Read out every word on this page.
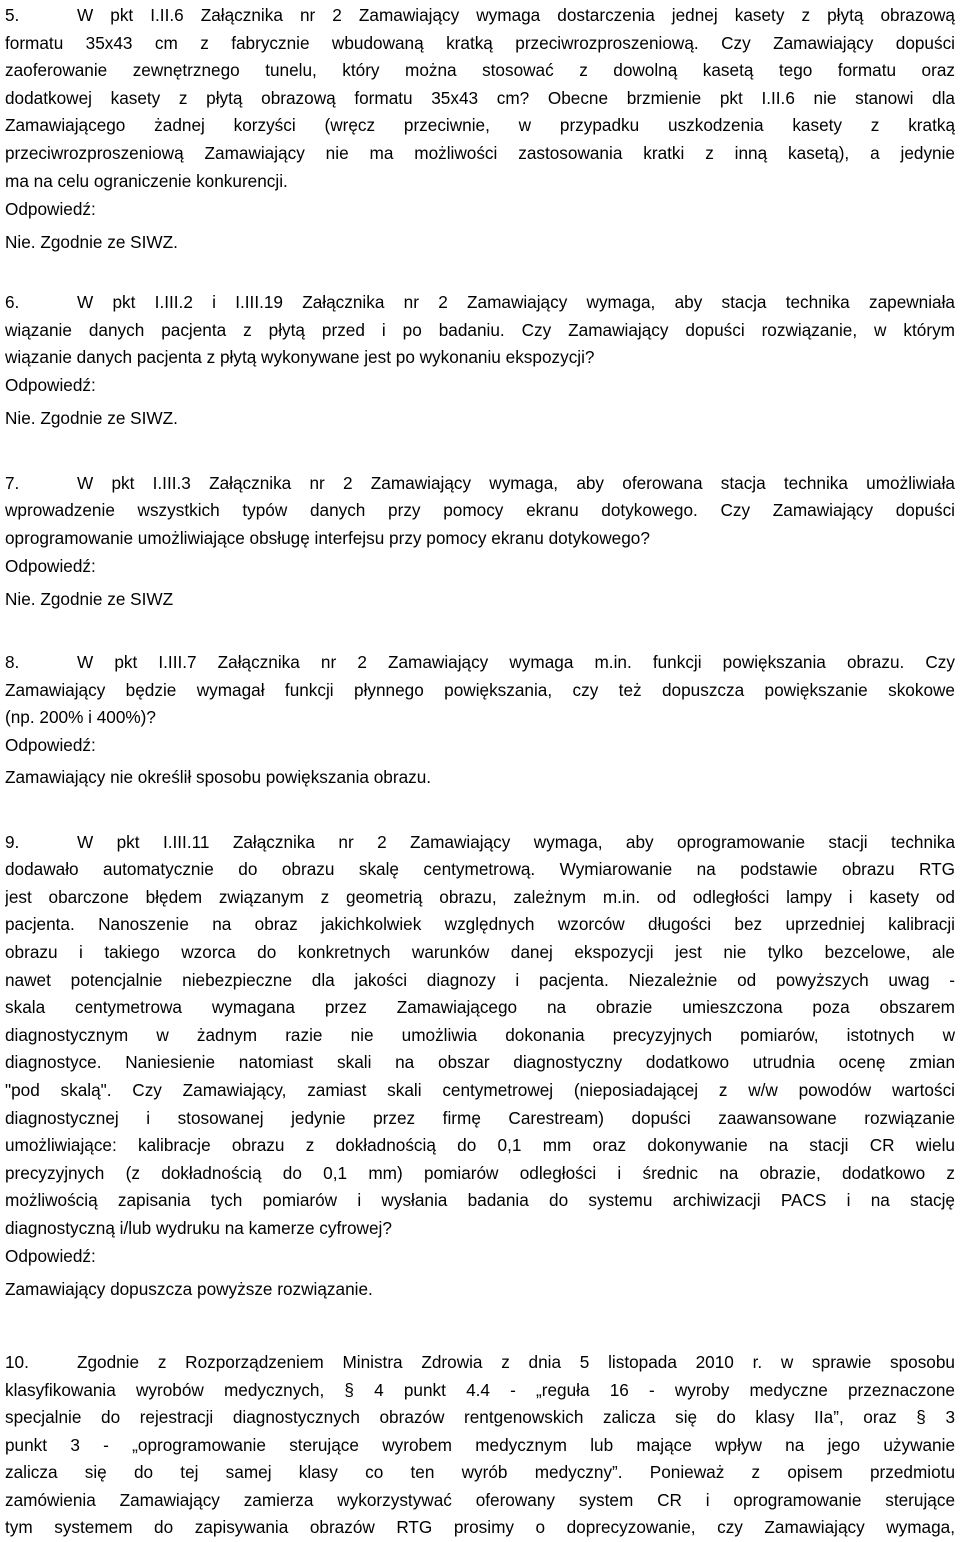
5.	W pkt I.II.6 Załącznika nr 2 Zamawiający wymaga dostarczenia jednej kasety z płytą obrazową
formatu 35x43 cm z fabrycznie wbudowaną kratką przeciwrozproszeniową. Czy Zamawiający dopuści
zaoferowanie zewnętrznego tunelu, który można stosować z dowolną kasetą tego formatu oraz
dodatkowej kasety z płytą obrazową formatu 35x43 cm? Obecne brzmienie pkt I.II.6 nie stanowi dla
Zamawiającego żadnej korzyści (wręcz przeciwnie, w przypadku uszkodzenia kasety z kratką
przeciwrozproszeniową Zamawiający nie ma możliwości zastosowania kratki z inną kasetą), a jedynie
ma na celu ograniczenie konkurencji.
Odpowiedź:
Nie. Zgodnie ze SIWZ.
6.	W pkt I.III.2 i I.III.19 Załącznika nr 2 Zamawiający wymaga, aby stacja technika zapewniała
wiązanie danych pacjenta z płytą przed i po badaniu. Czy Zamawiający dopuści rozwiązanie, w którym
wiązanie danych pacjenta z płytą wykonywane jest po wykonaniu ekspozycji?
Odpowiedź:
Nie. Zgodnie ze SIWZ.
7.	W pkt I.III.3 Załącznika nr 2 Zamawiający wymaga, aby oferowana stacja technika umożliwiała
wprowadzenie wszystkich typów danych przy pomocy ekranu dotykowego. Czy Zamawiający dopuści
oprogramowanie umożliwiające obsługę interfejsu przy pomocy ekranu dotykowego?
Odpowiedź:
Nie. Zgodnie ze SIWZ
8.	W pkt I.III.7 Załącznika nr 2 Zamawiający wymaga m.in. funkcji powiększania obrazu. Czy
Zamawiający będzie wymagał funkcji płynnego powiększania, czy też dopuszcza powiększanie skokowe
(np. 200% i 400%)?
Odpowiedź:
Zamawiający nie określił sposobu powiększania obrazu.
9.	W pkt I.III.11 Załącznika nr 2 Zamawiający wymaga, aby oprogramowanie stacji technika
dodawało automatycznie do obrazu skalę centymetrową. Wymiarowanie na podstawie obrazu RTG
jest obarczone błędem związanym z geometrią obrazu, zależnym m.in. od odległości lampy i kasety od
pacjenta. Nanoszenie na obraz jakichkolwiek względnych wzorców długości bez uprzedniej kalibracji
obrazu i takiego wzorca do konkretnych warunków danej ekspozycji jest nie tylko bezcelowe, ale
nawet potencjalnie niebezpieczne dla jakości diagnozy i pacjenta. Niezależnie od powyższych uwag -
skala centymetrowa wymagana przez Zamawiającego na obrazie umieszczona poza obszarem
diagnostycznym w żadnym razie nie umożliwia dokonania precyzyjnych pomiarów, istotnych w
diagnostyce. Naniesienie natomiast skali na obszar diagnostyczny dodatkowo utrudnia ocenę zmian
"pod skalą". Czy Zamawiający, zamiast skali centymetrowej (nieposiadającej z w/w powodów wartości
diagnostycznej i stosowanej jedynie przez firmę Carestream) dopuści zaawansowane rozwiązanie
umożliwiające: kalibracje obrazu z dokładnością do 0,1 mm oraz dokonywanie na stacji CR wielu
precyzyjnych (z dokładnością do 0,1 mm) pomiarów odległości i średnic na obrazie, dodatkowo z
możliwością zapisania tych pomiarów i wysłania badania do systemu archiwizacji PACS i na stację
diagnostyczną i/lub wydruku na kamerze cyfrowej?
Odpowiedź:
Zamawiający dopuszcza powyższe rozwiązanie.
10.	Zgodnie z Rozporządzeniem Ministra Zdrowia z dnia 5 listopada 2010 r. w sprawie sposobu
klasyfikowania wyrobów medycznych, § 4 punkt 4.4 - „reguła 16 - wyroby medyczne przeznaczone
specjalnie do rejestracji diagnostycznych obrazów rentgenowskich zalicza się do klasy IIa”, oraz § 3
punkt 3 - „oprogramowanie sterujące wyrobem medycznym lub mające wpływ na jego używanie
zalicza się do tej samej klasy co ten wyrób medyczny”. Ponieważ z opisem przedmiotu
zamówienia Zamawiający zamierza wykorzystywać oferowany system CR i oprogramowanie sterujące
tym systemem do zapisywania obrazów RTG prosimy o doprecyzowanie, czy Zamawiający wymaga,
